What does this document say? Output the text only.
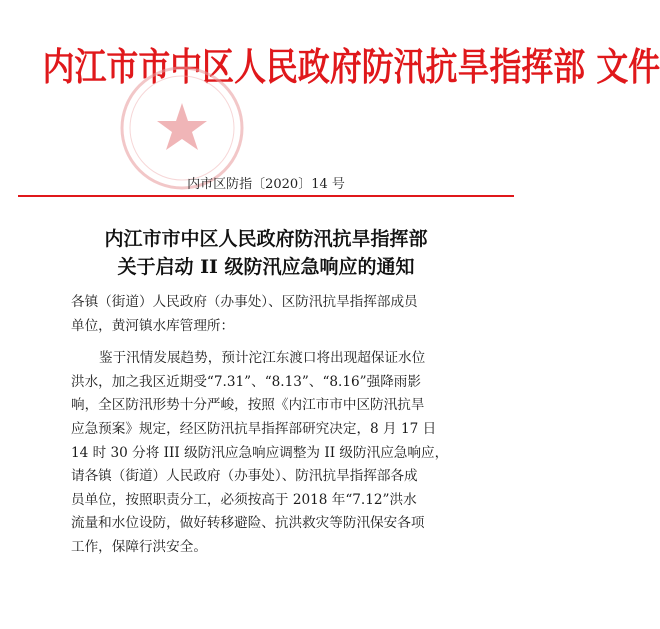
内江市市中区人民政府防汛抗旱指挥部 文件
内市区防指〔2020〕14 号
内江市市中区人民政府防汛抗旱指挥部
关于启动 II 级防汛应急响应的通知
各镇（街道）人民政府（办事处）、区防汛抗旱指挥部成员
单位，黄河镇水库管理所：
鉴于汛情发展趋势，预计沱江东渡口将出现超保证水位
洪水，加之我区近期受“7.31”、“8.13”、“8.16”强降雨影
响，全区防汛形势十分严峻，按照《内江市市中区防汛抗旱
应急预案》规定，经区防汛抗旱指挥部研究决定，8 月 17 日
14 时 30 分将 III 级防汛应急响应调整为 II 级防汛应急响应，
请各镇（街道）人民政府（办事处）、防汛抗旱指挥部各成
员单位，按照职责分工，必须按高于 2018 年“7.12”洪水
流量和水位设防，做好转移避险、抗洪救灾等防汛保安各项
工作，保障行洪安全。
